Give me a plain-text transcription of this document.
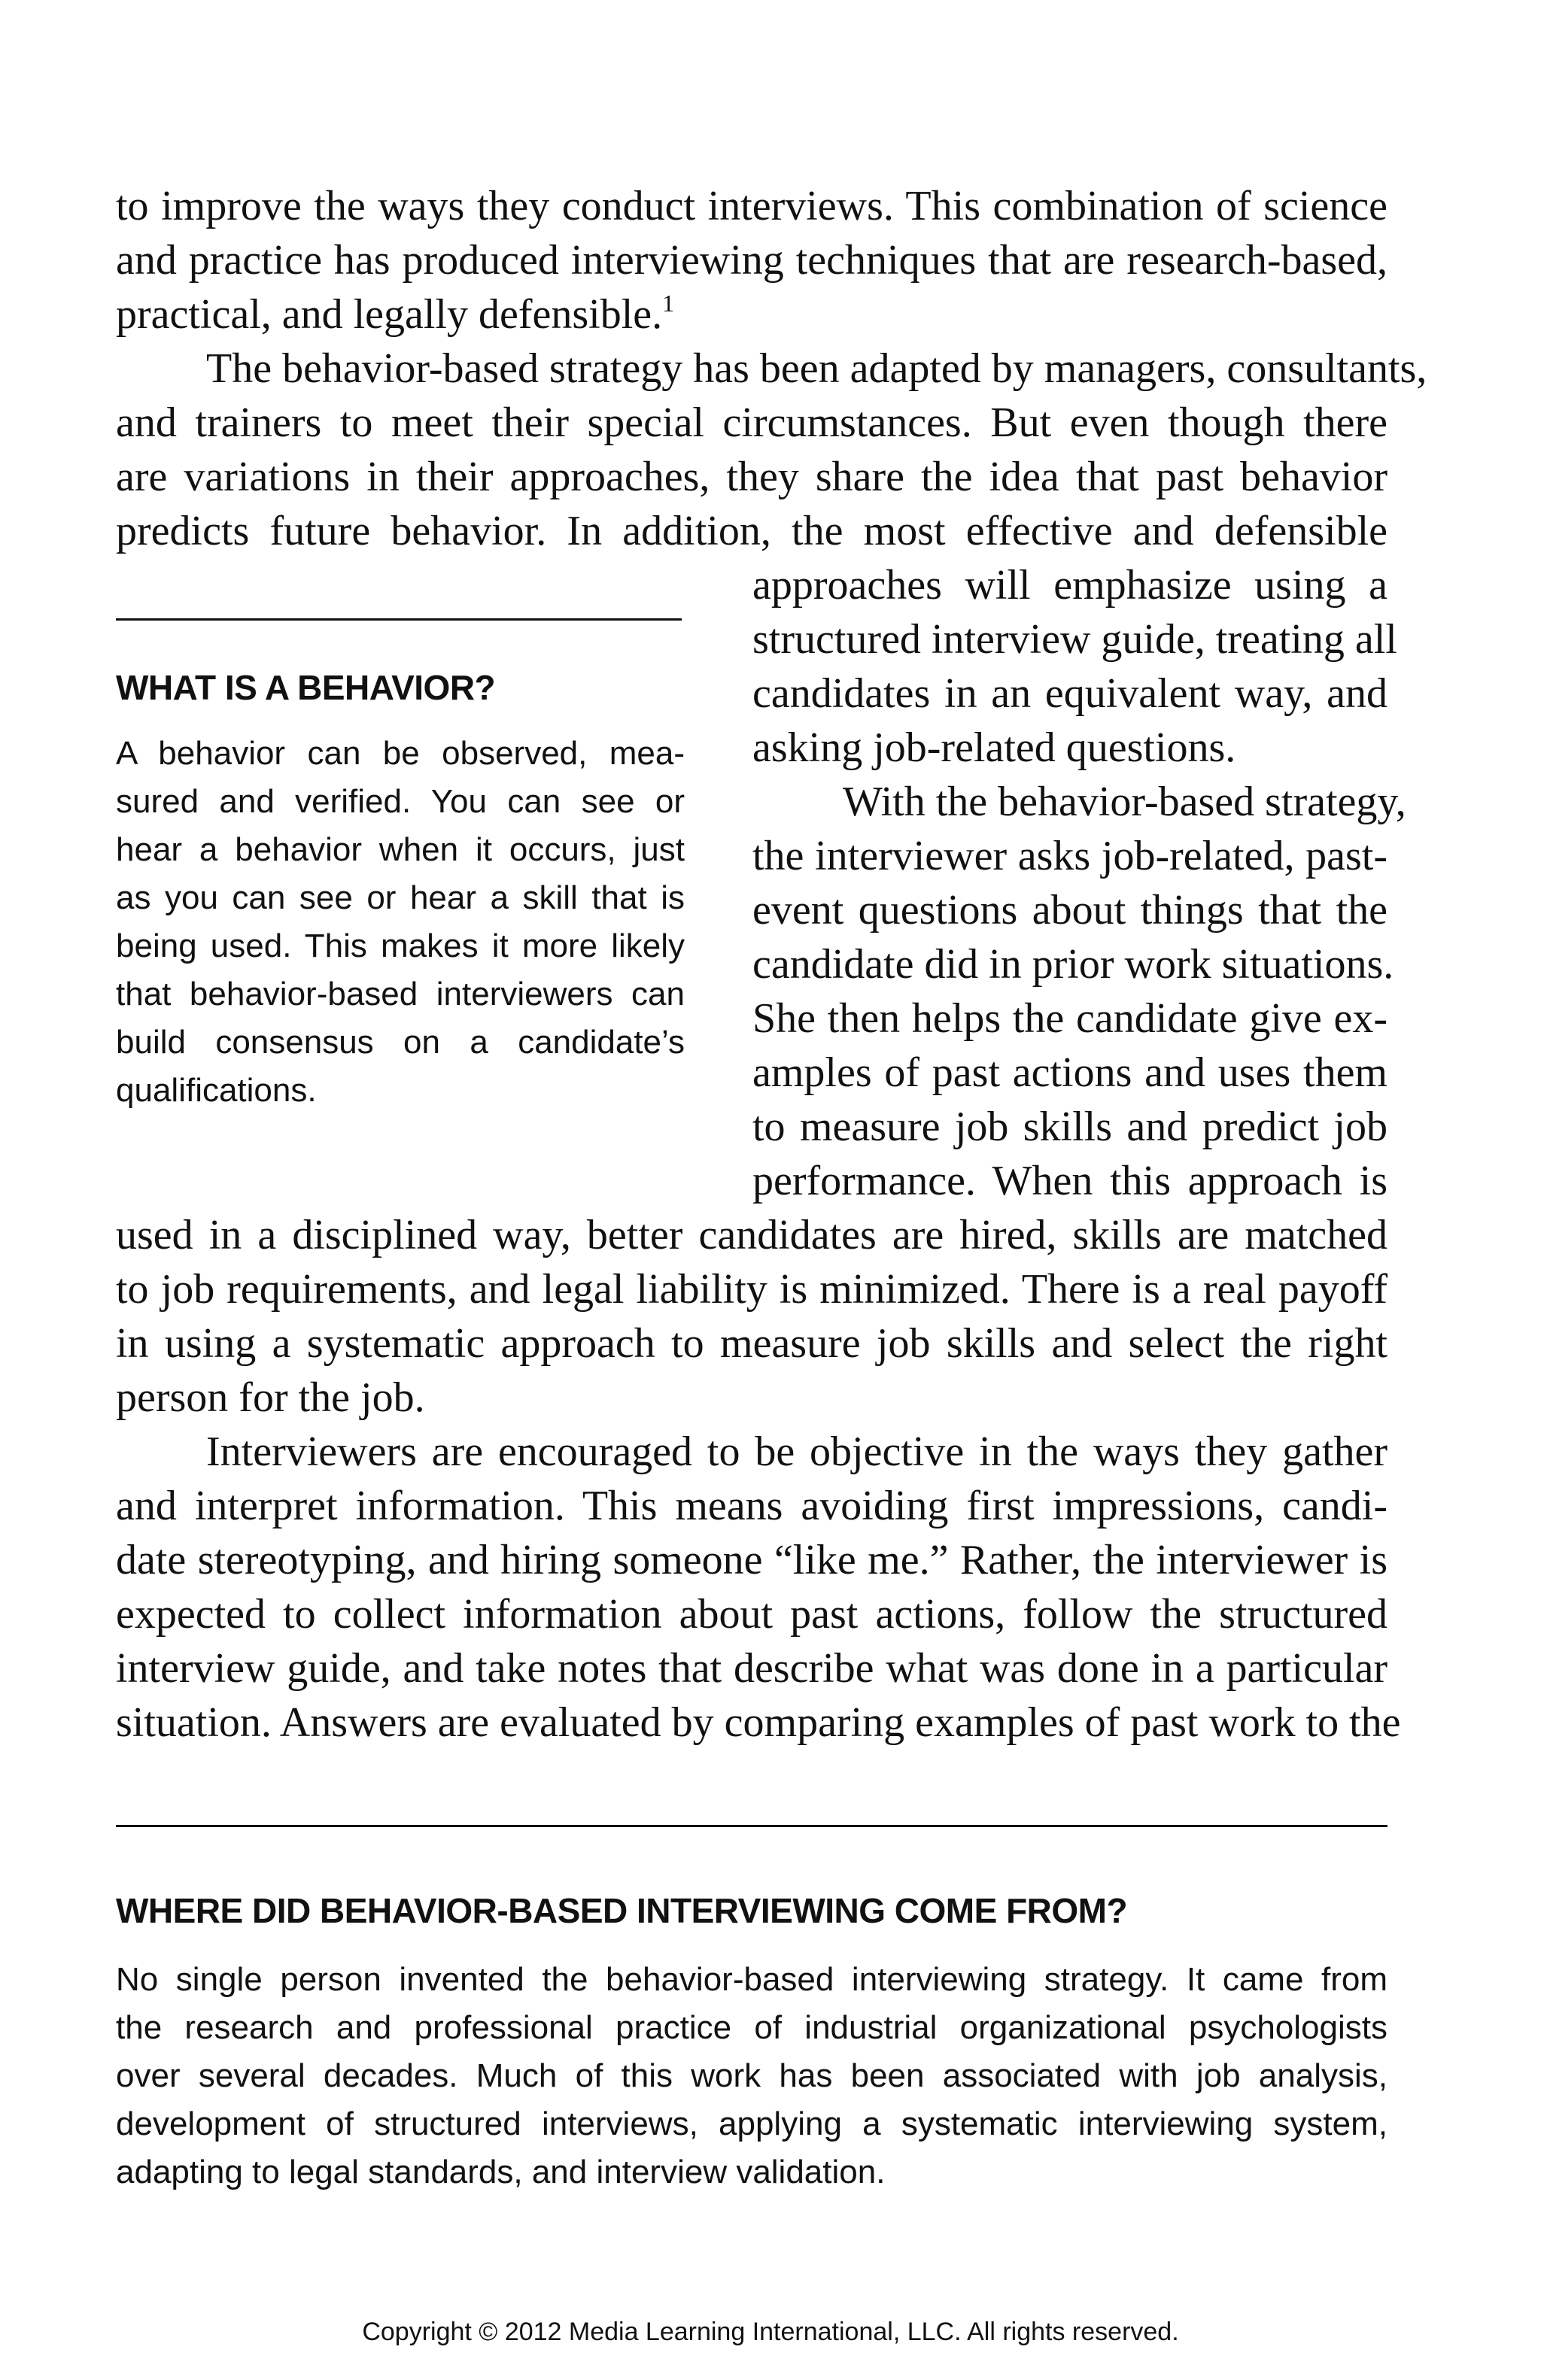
to improve the ways they conduct interviews. This combination of science
and practice has produced interviewing techniques that are research-based,
practical, and legally defensible.$^1$
The behavior-based strategy has been adapted by managers, consultants,
and trainers to meet their special circumstances. But even though there
are variations in their approaches, they share the idea that past behavior
predicts future behavior. In addition, the most effective and defensible
approaches will emphasize using a
structured interview guide, treating all
candidates in an equivalent way, and
asking job-related questions.
With the behavior-based strategy,
the interviewer asks job-related, past-
event questions about things that the
candidate did in prior work situations.
She then helps the candidate give ex-
amples of past actions and uses them
to measure job skills and predict job
performance. When this approach is
used in a disciplined way, better candidates are hired, skills are matched
to job requirements, and legal liability is minimized. There is a real payoff
in using a systematic approach to measure job skills and select the right
person for the job.
Interviewers are encouraged to be objective in the ways they gather
and interpret information. This means avoiding first impressions, candi-
date stereotyping, and hiring someone “like me.” Rather, the interviewer is
expected to collect information about past actions, follow the structured
interview guide, and take notes that describe what was done in a particular
situation. Answers are evaluated by comparing examples of past work to the
WHAT IS A BEHAVIOR?
A behavior can be observed, mea-
sured and verified. You can see or
hear a behavior when it occurs, just
as you can see or hear a skill that is
being used. This makes it more likely
that behavior-based interviewers can
build consensus on a candidate’s
qualifications.
WHERE DID BEHAVIOR-BASED INTERVIEWING COME FROM?
No single person invented the behavior-based interviewing strategy. It came from
the research and professional practice of industrial organizational psychologists
over several decades. Much of this work has been associated with job analysis,
development of structured interviews, applying a systematic interviewing system,
adapting to legal standards, and interview validation.
Copyright © 2012 Media Learning International, LLC. All rights reserved.
